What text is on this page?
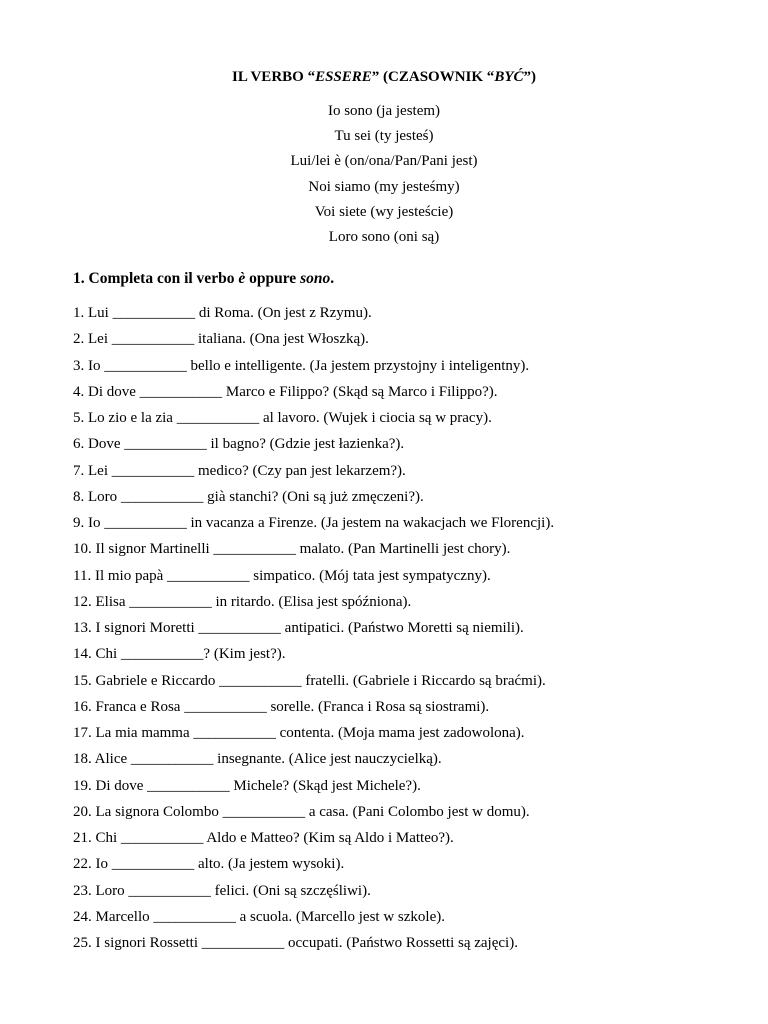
IL VERBO “ESSERE” (CZASOWNIK “BYĆ”)
Io sono (ja jestem)
Tu sei (ty jesteś)
Lui/lei è (on/ona/Pan/Pani jest)
Noi siamo (my jesteśmy)
Voi siete (wy jesteście)
Loro sono (oni są)
1. Completa con il verbo è oppure sono.
1. Lui ___________ di Roma. (On jest z Rzymu).
2. Lei ___________ italiana. (Ona jest Włoszką).
3. Io ___________ bello e intelligente. (Ja jestem przystojny i inteligentny).
4. Di dove ___________ Marco e Filippo? (Skąd są Marco i Filippo?).
5. Lo zio e la zia ___________ al lavoro. (Wujek i ciocia są w pracy).
6. Dove ___________ il bagno? (Gdzie jest łazienka?).
7. Lei ___________ medico? (Czy pan jest lekarzem?).
8. Loro ___________ già stanchi? (Oni są już zmęczeni?).
9. Io ___________ in vacanza a Firenze. (Ja jestem na wakacjach we Florencji).
10. Il signor Martinelli ___________ malato. (Pan Martinelli jest chory).
11. Il mio papà ___________ simpatico. (Mój tata jest sympatyczny).
12. Elisa ___________ in ritardo. (Elisa jest spóźniona).
13. I signori Moretti ___________ antipatici. (Państwo Moretti są niemili).
14. Chi ___________? (Kim jest?).
15. Gabriele e Riccardo ___________ fratelli. (Gabriele i Riccardo są braćmi).
16. Franca e Rosa ___________ sorelle. (Franca i Rosa są siostrami).
17. La mia mamma ___________ contenta. (Moja mama jest zadowolona).
18. Alice ___________ insegnante. (Alice jest nauczycielką).
19. Di dove ___________ Michele? (Skąd jest Michele?).
20. La signora Colombo ___________ a casa. (Pani Colombo jest w domu).
21. Chi ___________ Aldo e Matteo? (Kim są Aldo i Matteo?).
22. Io ___________ alto. (Ja jestem wysoki).
23. Loro ___________ felici. (Oni są szczęśliwi).
24. Marcello ___________ a scuola. (Marcello jest w szkole).
25. I signori Rossetti ___________ occupati. (Państwo Rossetti są zajęci).
